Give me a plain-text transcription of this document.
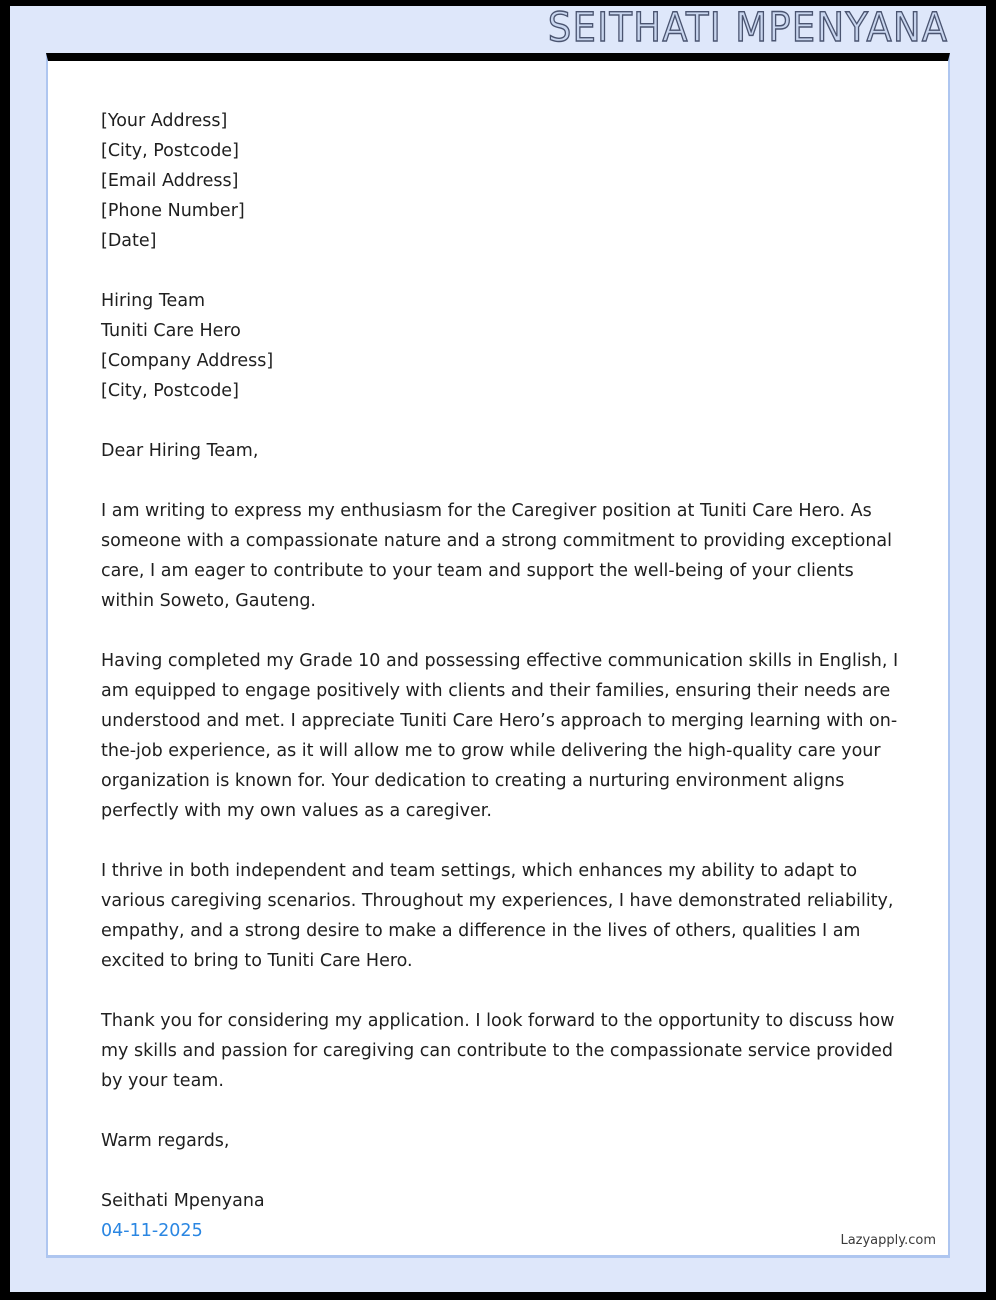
SEITHATI MPENYANA
[Your Address]
[City, Postcode]
[Email Address]
[Phone Number]
[Date]
Hiring Team
Tuniti Care Hero
[Company Address]
[City, Postcode]
Dear Hiring Team,

I am writing to express my enthusiasm for the Caregiver position at Tuniti Care Hero. As someone with a compassionate nature and a strong commitment to providing exceptional care, I am eager to contribute to your team and support the well-being of your clients within Soweto, Gauteng.

Having completed my Grade 10 and possessing effective communication skills in English, I am equipped to engage positively with clients and their families, ensuring their needs are understood and met. I appreciate Tuniti Care Hero’s approach to merging learning with on-the-job experience, as it will allow me to grow while delivering the high-quality care your organization is known for. Your dedication to creating a nurturing environment aligns perfectly with my own values as a caregiver.

I thrive in both independent and team settings, which enhances my ability to adapt to various caregiving scenarios. Throughout my experiences, I have demonstrated reliability, empathy, and a strong desire to make a difference in the lives of others, qualities I am excited to bring to Tuniti Care Hero.

Thank you for considering my application. I look forward to the opportunity to discuss how my skills and passion for caregiving can contribute to the compassionate service provided by your team.

Warm regards,
Seithati Mpenyana
04-11-2025	Lazyapply.com
